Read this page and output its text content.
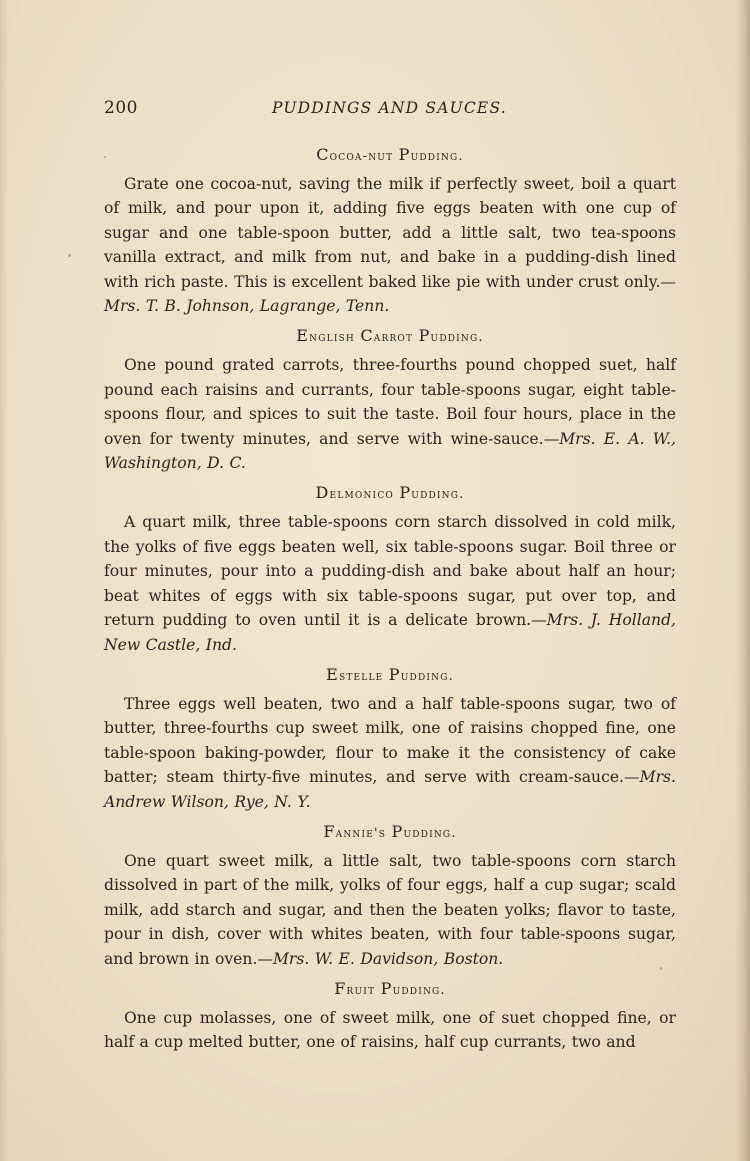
200	PUDDINGS AND SAUCES.
Cocoa-nut Pudding.

Grate one cocoa-nut, saving the milk if perfectly sweet, boil a quart of milk, and pour upon it, adding five eggs beaten with one cup of sugar and one table-spoon butter, add a little salt, two tea-spoons vanilla extract, and milk from nut, and bake in a pudding-dish lined with rich paste. This is excellent baked like pie with under crust only.—Mrs. T. B. Johnson, Lagrange, Tenn.

English Carrot Pudding.

One pound grated carrots, three-fourths pound chopped suet, half pound each raisins and currants, four table-spoons sugar, eight table-spoons flour, and spices to suit the taste. Boil four hours, place in the oven for twenty minutes, and serve with wine-sauce.—Mrs. E. A. W., Washington, D. C.

Delmonico Pudding.

A quart milk, three table-spoons corn starch dissolved in cold milk, the yolks of five eggs beaten well, six table-spoons sugar. Boil three or four minutes, pour into a pudding-dish and bake about half an hour; beat whites of eggs with six table-spoons sugar, put over top, and return pudding to oven until it is a delicate brown.—Mrs. J. Holland, New Castle, Ind.

Estelle Pudding.

Three eggs well beaten, two and a half table-spoons sugar, two of butter, three-fourths cup sweet milk, one of raisins chopped fine, one table-spoon baking-powder, flour to make it the consistency of cake batter; steam thirty-five minutes, and serve with cream-sauce.—Mrs. Andrew Wilson, Rye, N. Y.

Fannie's Pudding.

One quart sweet milk, a little salt, two table-spoons corn starch dissolved in part of the milk, yolks of four eggs, half a cup sugar; scald milk, add starch and sugar, and then the beaten yolks; flavor to taste, pour in dish, cover with whites beaten, with four table-spoons sugar, and brown in oven.—Mrs. W. E. Davidson, Boston.

Fruit Pudding.

One cup molasses, one of sweet milk, one of suet chopped fine, or half a cup melted butter, one of raisins, half cup currants, two and
